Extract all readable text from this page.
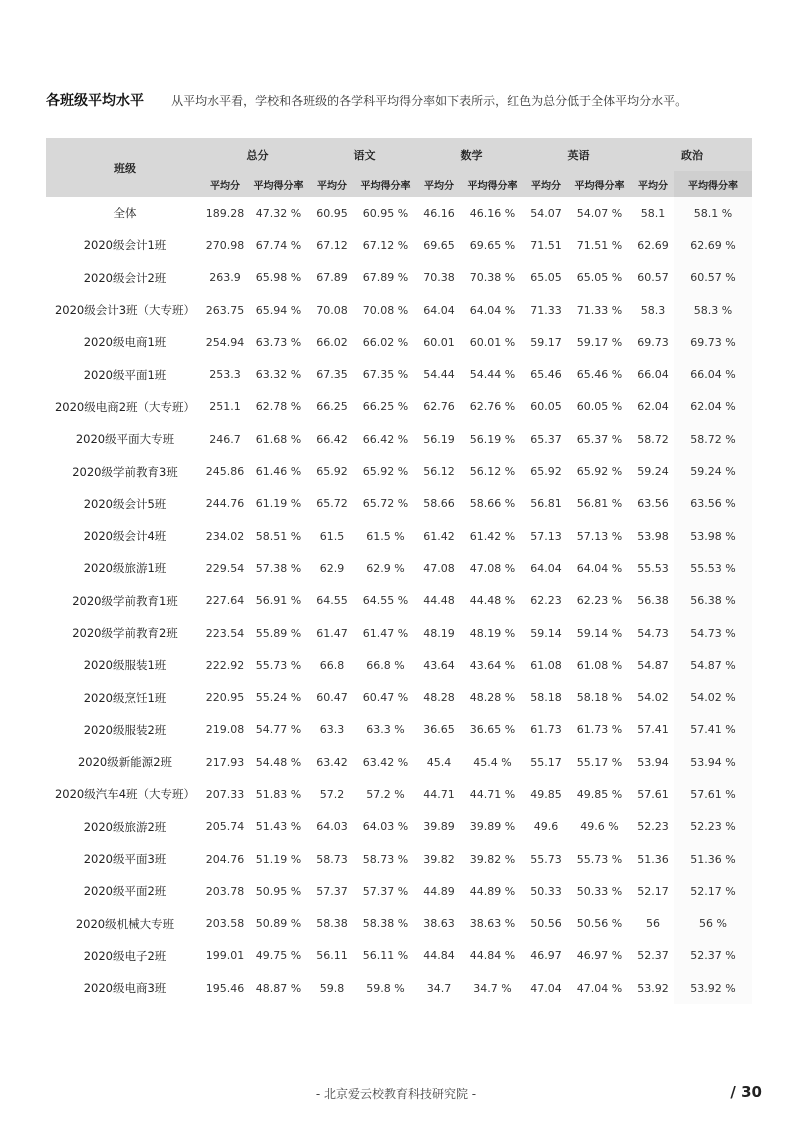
各班级平均水平 从平均水平看，学校和各班级的各学科平均得分率如下表所示，红色为总分低于全体平均分水平。
班级	总分		语文		数学		英语		政治	
	平均分	平均得分率	平均分	平均得分率	平均分	平均得分率	平均分	平均得分率	平均分	平均得分率
全体	189.28	47.32 %	60.95	60.95 %	46.16	46.16 %	54.07	54.07 %	58.1	58.1 %
2020级会计1班	270.98	67.74 %	67.12	67.12 %	69.65	69.65 %	71.51	71.51 %	62.69	62.69 %
2020级会计2班	263.9	65.98 %	67.89	67.89 %	70.38	70.38 %	65.05	65.05 %	60.57	60.57 %
2020级会计3班（大专班）	263.75	65.94 %	70.08	70.08 %	64.04	64.04 %	71.33	71.33 %	58.3	58.3 %
2020级电商1班	254.94	63.73 %	66.02	66.02 %	60.01	60.01 %	59.17	59.17 %	69.73	69.73 %
2020级平面1班	253.3	63.32 %	67.35	67.35 %	54.44	54.44 %	65.46	65.46 %	66.04	66.04 %
2020级电商2班（大专班）	251.1	62.78 %	66.25	66.25 %	62.76	62.76 %	60.05	60.05 %	62.04	62.04 %
2020级平面大专班	246.7	61.68 %	66.42	66.42 %	56.19	56.19 %	65.37	65.37 %	58.72	58.72 %
2020级学前教育3班	245.86	61.46 %	65.92	65.92 %	56.12	56.12 %	65.92	65.92 %	59.24	59.24 %
2020级会计5班	244.76	61.19 %	65.72	65.72 %	58.66	58.66 %	56.81	56.81 %	63.56	63.56 %
2020级会计4班	234.02	58.51 %	61.5	61.5 %	61.42	61.42 %	57.13	57.13 %	53.98	53.98 %
2020级旅游1班	229.54	57.38 %	62.9	62.9 %	47.08	47.08 %	64.04	64.04 %	55.53	55.53 %
2020级学前教育1班	227.64	56.91 %	64.55	64.55 %	44.48	44.48 %	62.23	62.23 %	56.38	56.38 %
2020级学前教育2班	223.54	55.89 %	61.47	61.47 %	48.19	48.19 %	59.14	59.14 %	54.73	54.73 %
2020级服装1班	222.92	55.73 %	66.8	66.8 %	43.64	43.64 %	61.08	61.08 %	54.87	54.87 %
2020级烹饪1班	220.95	55.24 %	60.47	60.47 %	48.28	48.28 %	58.18	58.18 %	54.02	54.02 %
2020级服装2班	219.08	54.77 %	63.3	63.3 %	36.65	36.65 %	61.73	61.73 %	57.41	57.41 %
2020级新能源2班	217.93	54.48 %	63.42	63.42 %	45.4	45.4 %	55.17	55.17 %	53.94	53.94 %
2020级汽车4班（大专班）	207.33	51.83 %	57.2	57.2 %	44.71	44.71 %	49.85	49.85 %	57.61	57.61 %
2020级旅游2班	205.74	51.43 %	64.03	64.03 %	39.89	39.89 %	49.6	49.6 %	52.23	52.23 %
2020级平面3班	204.76	51.19 %	58.73	58.73 %	39.82	39.82 %	55.73	55.73 %	51.36	51.36 %
2020级平面2班	203.78	50.95 %	57.37	57.37 %	44.89	44.89 %	50.33	50.33 %	52.17	52.17 %
2020级机械大专班	203.58	50.89 %	58.38	58.38 %	38.63	38.63 %	50.56	50.56 %	56	56 %
2020级电子2班	199.01	49.75 %	56.11	56.11 %	44.84	44.84 %	46.97	46.97 %	52.37	52.37 %
2020级电商3班	195.46	48.87 %	59.8	59.8 %	34.7	34.7 %	47.04	47.04 %	53.92	53.92 %
- 北京爱云校教育科技研究院 -	/ 30
